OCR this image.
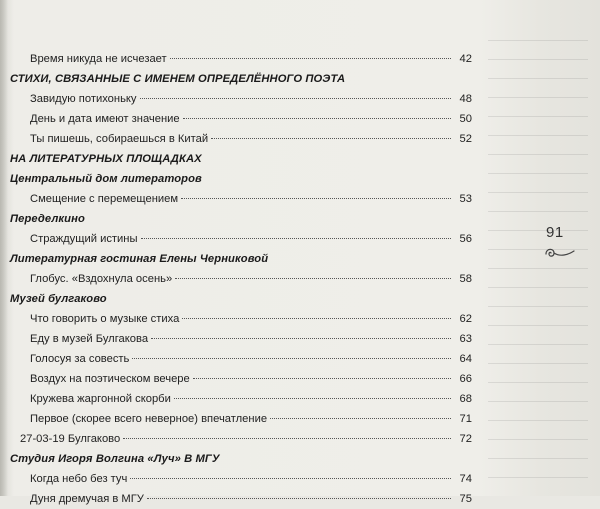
Время никуда не исчезает	42
СТИХИ, СВЯЗАННЫЕ С ИМЕНЕМ ОПРЕДЕЛЁННОГО ПОЭТА
Завидую потихоньку	48
День и дата имеют значение	50
Ты пишешь, собираешься в Китай	52
НА ЛИТЕРАТУРНЫХ ПЛОЩАДКАХ
Центральный дом литераторов
Смещение с перемещением	53
Переделкино
Страждущий истины	56
Литературная гостиная Елены Черниковой
Глобус. «Вздохнула осень»	58
Музей булгаково
Что говорить о музыке стиха	62
Еду в музей Булгакова	63
Голосуя за совесть	64
Воздух на поэтическом вечере	66
Кружева жаргонной скорби	68
Первое (скорее всего неверное) впечатление	71
27-03-19 Булгаково	72
Студия Игоря Волгина «Луч» В МГУ
Когда небо без туч	74
Дуня дремучая в МГУ	75
91
